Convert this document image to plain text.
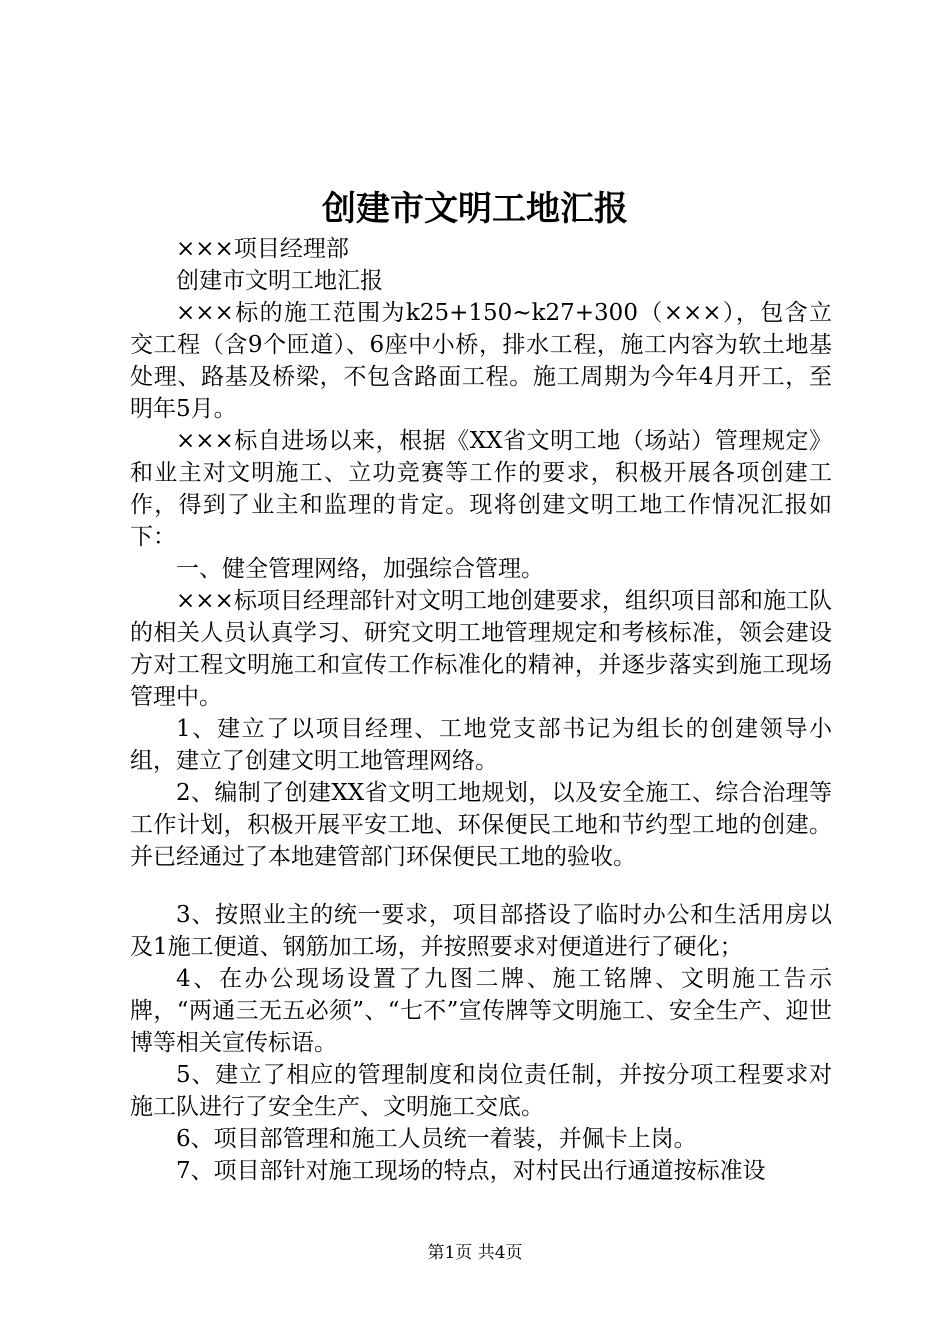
创建市文明工地汇报

×××项目经理部

创建市文明工地汇报

×××标的施工范围为k25+150~k27+300（×××），包含立交工程（含9个匝道）、6座中小桥，排水工程，施工内容为软土地基处理、路基及桥梁，不包含路面工程。施工周期为今年4月开工，至明年5月。

×××标自进场以来，根据《XX省文明工地（场站）管理规定》和业主对文明施工、立功竞赛等工作的要求，积极开展各项创建工作，得到了业主和监理的肯定。现将创建文明工地工作情况汇报如下：

一、健全管理网络，加强综合管理。

×××标项目经理部针对文明工地创建要求，组织项目部和施工队的相关人员认真学习、研究文明工地管理规定和考核标准，领会建设方对工程文明施工和宣传工作标准化的精神，并逐步落实到施工现场管理中。

1、建立了以项目经理、工地党支部书记为组长的创建领导小组，建立了创建文明工地管理网络。

2、编制了创建XX省文明工地规划，以及安全施工、综合治理等工作计划，积极开展平安工地、环保便民工地和节约型工地的创建。并已经通过了本地建管部门环保便民工地的验收。

3、按照业主的统一要求，项目部搭设了临时办公和生活用房以及1施工便道、钢筋加工场，并按照要求对便道进行了硬化；

4、在办公现场设置了九图二牌、施工铭牌、文明施工告示牌，“两通三无五必须”、“七不”宣传牌等文明施工、安全生产、迎世博等相关宣传标语。

5、建立了相应的管理制度和岗位责任制，并按分项工程要求对施工队进行了安全生产、文明施工交底。

6、项目部管理和施工人员统一着装，并佩卡上岗。

7、项目部针对施工现场的特点，对村民出行通道按标准设

第1页 共4页
